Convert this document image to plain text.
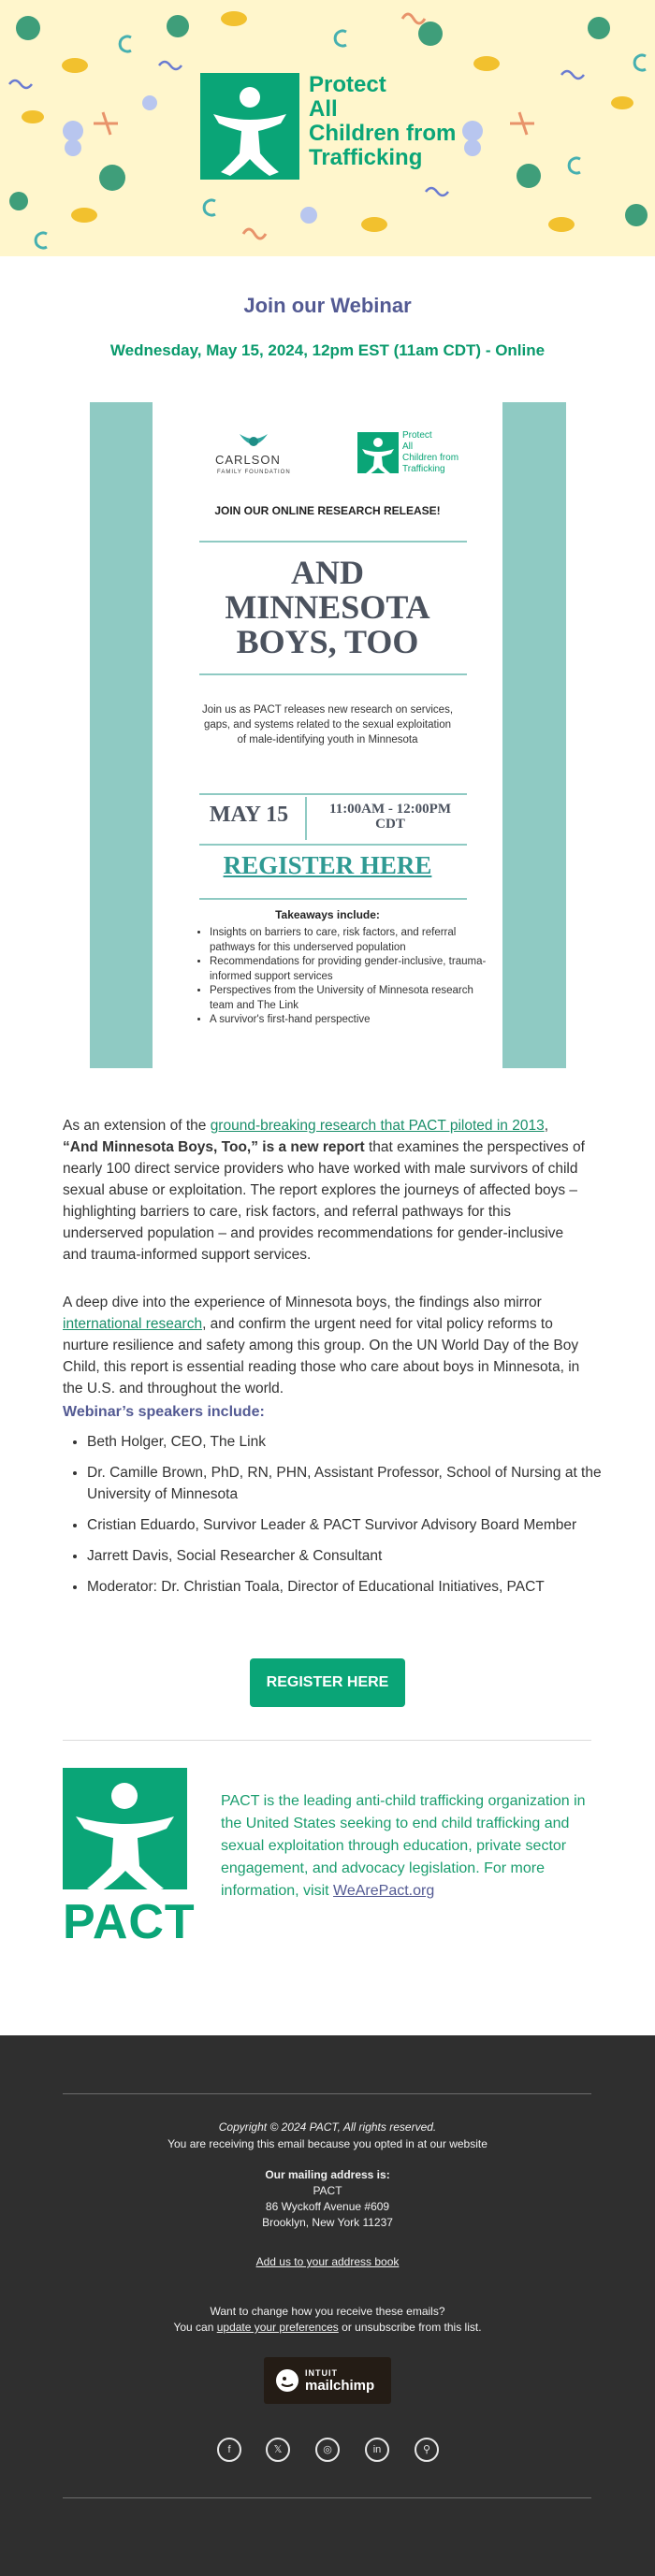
Protect
All
Children from
Trafficking
Join our Webinar
Wednesday, May 15, 2024, 12pm EST (11am CDT) - Online
CARLSON
FAMILY FOUNDATION
Protect
All
Children from
Trafficking
JOIN OUR ONLINE RESEARCH RELEASE!
AND
MINNESOTA
BOYS, TOO
Join us as PACT releases new research on services, gaps, and systems related to the sexual exploitation of male-identifying youth in Minnesota
MAY 15	11:00AM - 12:00PM
CDT
REGISTER HERE
Takeaways include:
• Insights on barriers to care, risk factors, and referral pathways for this underserved population
• Recommendations for providing gender-inclusive, trauma-informed support services
• Perspectives from the University of Minnesota research team and The Link
• A survivor's first-hand perspective
As an extension of the ground-breaking research that PACT piloted in 2013,
“And Minnesota Boys, Too,” is a new report that examines the perspectives of nearly 100 direct service providers who have worked with male survivors of child sexual abuse or exploitation. The report explores the journeys of affected boys – highlighting barriers to care, risk factors, and referral pathways for this underserved population – and provides recommendations for gender-inclusive and trauma-informed support services.
A deep dive into the experience of Minnesota boys, the findings also mirror international research, and confirm the urgent need for vital policy reforms to nurture resilience and safety among this group. On the UN World Day of the Boy Child, this report is essential reading those who care about boys in Minnesota, in the U.S. and throughout the world.
Webinar’s speakers include:
• Beth Holger, CEO, The Link
• Dr. Camille Brown, PhD, RN, PHN, Assistant Professor, School of Nursing at the University of Minnesota
• Cristian Eduardo, Survivor Leader & PACT Survivor Advisory Board Member
• Jarrett Davis, Social Researcher & Consultant
• Moderator: Dr. Christian Toala, Director of Educational Initiatives, PACT
REGISTER HERE
PACT
PACT is the leading anti-child trafficking organization in the United States seeking to end child trafficking and sexual exploitation through education, private sector engagement, and advocacy legislation. For more information, visit WeArePact.org
Copyright © 2024 PACT, All rights reserved.
You are receiving this email because you opted in at our website
Our mailing address is:
PACT
86 Wyckoff Avenue #609
Brooklyn, New York 11237
Add us to your address book
Want to change how you receive these emails?
You can update your preferences or unsubscribe from this list.
INTUIT
mailchimp
f	𝕏	◎	in	⚲
